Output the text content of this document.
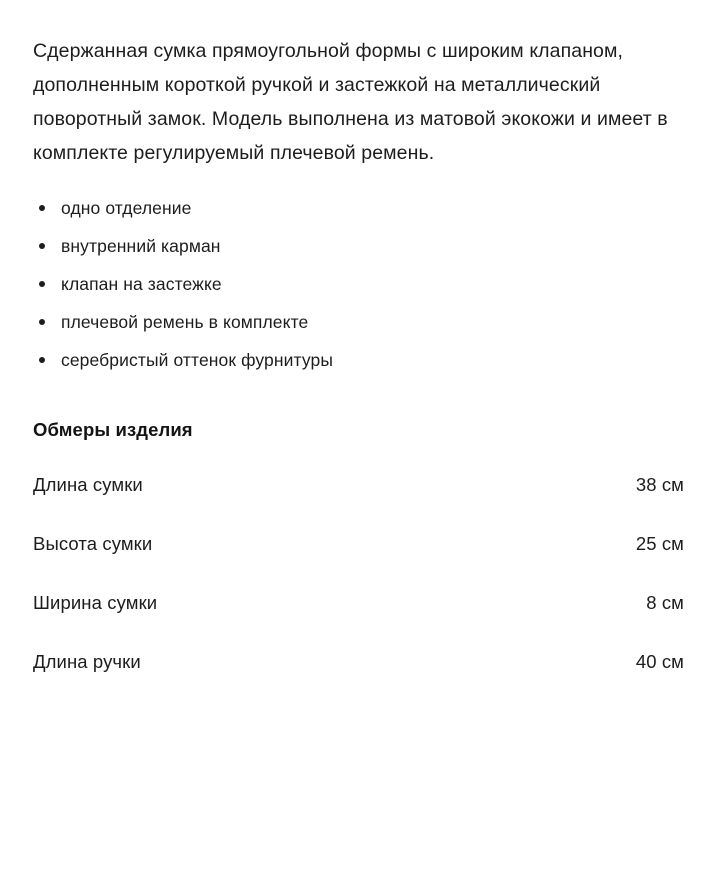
Сдержанная сумка прямоугольной формы с широким клапаном, дополненным короткой ручкой и застежкой на металлический поворотный замок. Модель выполнена из матовой экокожи и имеет в комплекте регулируемый плечевой ремень.

одно отделение
внутренний карман
клапан на застежке
плечевой ремень в комплекте
серебристый оттенок фурнитуры
Обмеры изделия
Длина сумки .....	38 см
Высота сумки .....	25 см
Ширина сумки .....	8 см
Длина ручки .....	40 см
